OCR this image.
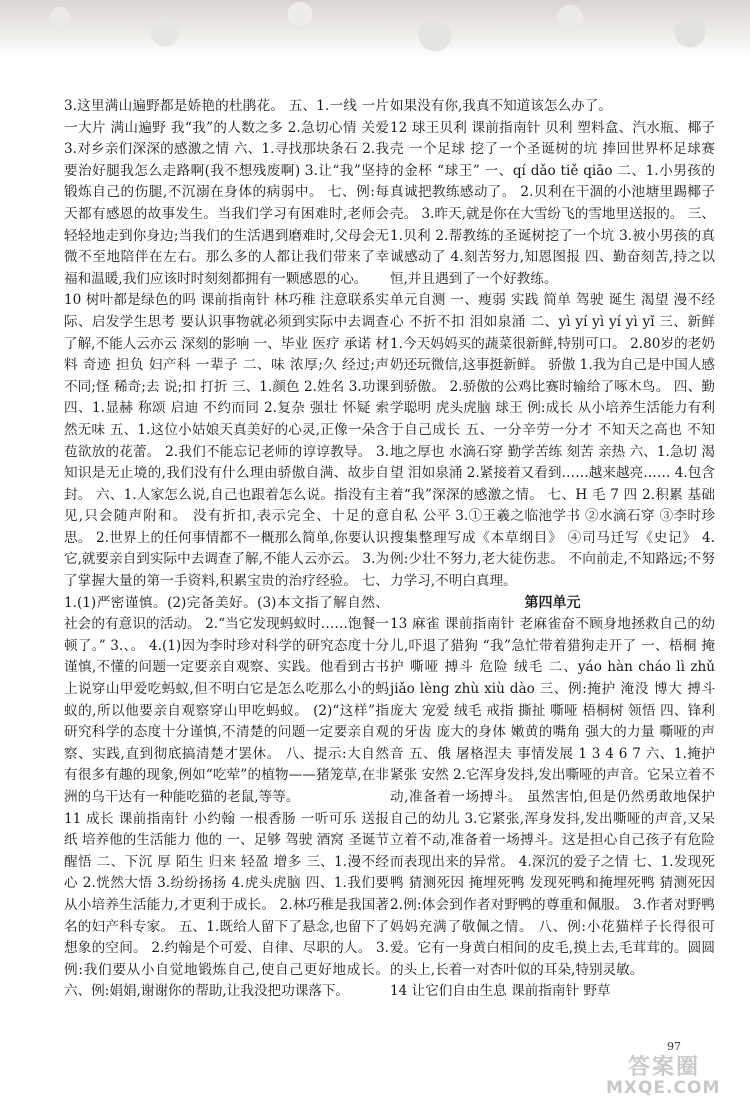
3.这里满山遍野都是娇艳的杜鹃花。 五、1.一线 一片 一大片 满山遍野 我“我”的人数之多 2.急切心情 关爱 3.对乡亲们深深的感激之情 六、1.寻找那块条石 2.我要治好腿我怎么走路啊(我不想残废啊) 3.让“我”坚持锻炼自己的伤腿,不沉溺在身体的病弱中。 七、例:每天都有感恩的故事发生。当我们学习有困难时,老师会轻轻地走到你身边;当我们的生活遇到磨难时,父母会无微不至地陪伴在左右。那么多的人都让我们带来了幸福和温暖,我们应该时时刻刻都拥有一颗感恩的心。

10 树叶都是绿色的吗 课前指南针 林巧稚 注意联系实际、启发学生思考 要认识事物就必须到实际中去调查了解,不能人云亦云 深刻的影响 一、毕业 医疗 承诺 材料 奇迹 担负 妇产科 一辈子 二、味 浓厚;久 经过;声 不同;怪 稀奇;去 说;扣 打折 三、1.颜色 2.姓名 3.功课 四、1.显赫 称颂 启迪 不约而同 2.复杂 强壮 怀疑 索然无味 五、1.这位小姑娘天真美好的心灵,正像一朵含苞欲放的花蕾。 2.我们不能忘记老师的谆谆教导。 3.知识是无止境的,我们没有什么理由骄傲自满、故步自封。 六、1.人家怎么说,自己也跟着怎么说。指没有主见,只会随声附和。 没有折扣,表示完全、十足的意思。 2.世界上的任何事情都不一概那么简单,你要认识它,就要亲自到实际中去调查了解,不能人云亦云。 3.为了掌握大量的第一手资料,积累宝贵的治疗经验。 七、1.(1)严密谨慎。(2)完备美好。(3)本文指了解自然、社会的有意识的活动。 2.“当它发现蚂蚁时……饱餐一顿了。” 3.、。 4.(1)因为李时珍对科学的研究态度十分谨慎,不懂的问题一定要亲自观察、实践。他看到古书上说穿山甲爱吃蚂蚁,但不明白它是怎么吃那么小的蚂蚁的,所以他要亲自观察穿山甲吃蚂蚁。 (2)“这样”指研究科学的态度十分谨慎,不清楚的问题一定要亲自观察、实践,直到彻底搞清楚才罢休。 八、提示:大自然有很多有趣的现象,例如“吃荤”的植物——猪笼草,在非洲的乌干达有一种能吃猫的老鼠,等等。

11 成长 课前指南针 小约翰 一根香肠 一听可乐 送报纸 培养他的生活能力 他的 一、足够 驾驶 酒窝 圣诞节 醒悟 二、下沉 厚 陌生 归来 轻盈 增多 三、1.漫不经心 2.恍然大悟 3.纷纷扬扬 4.虎头虎脑 四、1.我们要从小培养生活能力,才更利于成长。 2.林巧稚是我国著名的妇产科专家。 五、1.既给人留下了悬念,也留下了想象的空间。 2.约翰是个可爱、自律、尽职的人。 3.例:我们要从小自觉地锻炼自己,使自己更好地成长。 六、例:娟娟,谢谢你的帮助,让我没把功课落下。

如果没有你,我真不知道该怎么办了。

12 球王贝利 课前指南针 贝利 塑料盒、汽水瓶、椰子壳 一个足球 挖了一个圣诞树的坑 捧回世界杯足球赛的金杯 “球王” 一、qí dǎo tiě qiāo 二、1.小男孩的真诚把教练感动了。 2.贝利在干涸的小池塘里踢椰子壳。 3.昨天,就是你在大雪纷飞的雪地里送报的。 三、1.贝利 2.帮教练的圣诞树挖了一个坑 3.被小男孩的真诚感动了 4.刻苦努力,知恩图报 四、勤奋刻苦,持之以恒,并且遇到了一个好教练。

单元自测 一、瘦弱 实践 简单 驾驶 诞生 渴望 漫不经心 不折不扣 泪如泉涌 二、yì yí yì yí yì yǐ 三、新鲜 1.今天妈妈买的蔬菜很新鲜,特别可口。 2.80岁的老奶奶还玩微信,这事挺新鲜。 骄傲 1.我为自己是中国人感到骄傲。 2.骄傲的公鸡比赛时输给了啄木鸟。 四、勤学聪明 虎头虎脑 球王 例:成长 从小培养生活能力有利于自己成长 五、一分辛劳一分才 不知天之高也 不知地之厚也 水滴石穿 勤学苦练 刻苦 亲热 六、1.急切 渴望 泪如泉涌 2.紧接着又看到……越来越亮…… 4.包含着“我”深深的感激之情。 七、H 毛 7 四 2.积累 基础 自私 公平 3.①王羲之临池学书 ②水滴石穿 ③李时珍搜集整理写成《本草纲目》 ④司马迁写《史记》 4.例:少壮不努力,老大徒伤悲。 不向前走,不知路远;不努力学习,不明白真理。

第四单元

13 麻雀 课前指南针 老麻雀奋不顾身地拯救自己的幼儿,吓退了猎狗 “我”急忙带着猎狗走开了 一、梧桐 掩护 嘶哑 搏斗 危险 绒毛 二、yáo hàn cháo lì zhǔ jiǎo lèng zhù xiù dào 三、例:掩护 淹没 博大 搏斗 庞大 宠爱 绒毛 戒指 撕扯 嘶哑 梧桐树 领悟 四、锋利的牙齿 庞大的身体 嫩黄的嘴角 强大的力量 嘶哑的声音 五、俄 屠格涅夫 事情发展 1 3 4 6 7 六、1.掩护 紧张 安然 2.它浑身发抖,发出嘶哑的声音。它呆立着不动,准备着一场搏斗。 虽然害怕,但是仍然勇敢地保护自己的幼儿 3.它紧张,浑身发抖,发出嘶哑的声音,又呆立着不动,准备着一场搏斗。这是担心自己孩子有危险而表现出来的异常。 4.深沉的爱子之情 七、1.发现死鸭 猜测死因 掩埋死鸭 发现死鸭和掩埋死鸭 猜测死因 2.例:体会到作者对野鸭的尊重和佩服。 3.作者对野鸭妈妈充满了敬佩之情。 八、例:小花猫样子长得很可爱。它有一身黄白相间的皮毛,摸上去,毛茸茸的。圆圆的头上,长着一对杏叶似的耳朵,特别灵敏。

14 让它们自由生息 课前指南针 野草

97
答案圈
MXQE.COM
